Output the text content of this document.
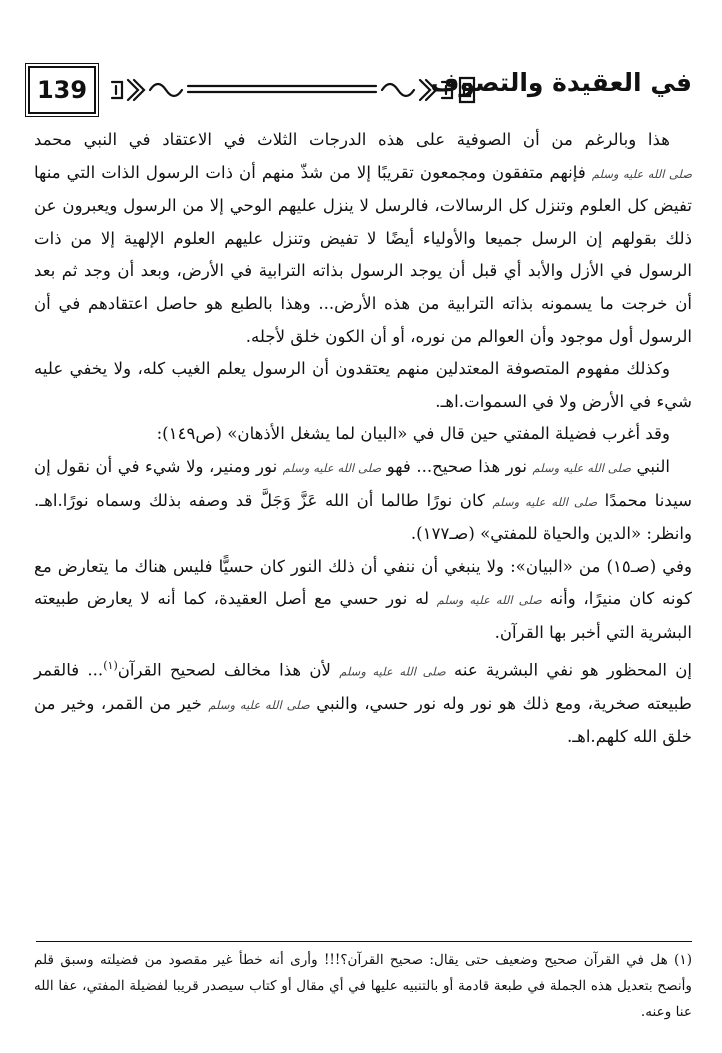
139	في العقيدة والتصوف

هذا وبالرغم من أن الصوفية على هذه الدرجات الثلاث في الاعتقاد في النبي محمد صلى الله عليه وسلم فإنهم متفقون ومجمعون تقريبًا إلا من شذّ منهم أن ذات الرسول الذات التي منها تفيض كل العلوم وتنزل كل الرسالات، فالرسل لا ينزل عليهم الوحي إلا من الرسول ويعبرون عن ذلك بقولهم إن الرسل جميعا والأولياء أيضًا لا تفيض وتنزل عليهم العلوم الإلهية إلا من ذات الرسول في الأزل والأبد أي قبل أن يوجد الرسول بذاته الترابية في الأرض، وبعد أن وجد ثم بعد أن خرجت ما يسمونه بذاته الترابية من هذه الأرض... وهذا بالطبع هو حاصل اعتقادهم في أن الرسول أول موجود وأن العوالم من نوره، أو أن الكون خلق لأجله.

وكذلك مفهوم المتصوفة المعتدلين منهم يعتقدون أن الرسول يعلم الغيب كله، ولا يخفي عليه شيء في الأرض ولا في السموات.اهـ.

وقد أغرب فضيلة المفتي حين قال في «البيان لما يشغل الأذهان» (ص١٤٩):

النبي صلى الله عليه وسلم نور هذا صحيح... فهو صلى الله عليه وسلم نور ومنير، ولا شيء في أن نقول إن سيدنا محمدًا صلى الله عليه وسلم كان نورًا طالما أن الله عَزَّ وَجَلَّ قد وصفه بذلك وسماه نورًا.اهـ. وانظر: «الدين والحياة للمفتي» (صـ١٧٧).

وفي (صـ١٥) من «البيان»: ولا ينبغي أن ننفي أن ذلك النور كان حسيًّا فليس هناك ما يتعارض مع كونه كان منيرًا، وأنه صلى الله عليه وسلم له نور حسي مع أصل العقيدة، كما أنه لا يعارض طبيعته البشرية التي أخبر بها القرآن.

إن المحظور هو نفي البشرية عنه صلى الله عليه وسلم لأن هذا مخالف لصحيح القرآن$^{(١)}$... فالقمر طبيعته صخرية، ومع ذلك هو نور وله نور حسي، والنبي صلى الله عليه وسلم خير من القمر، وخير من خلق الله كلهم.اهـ.

(١) هل في القرآن صحيح وضعيف حتى يقال: صحيح القرآن؟!!! وأرى أنه خطأ غير مقصود من فضيلته وسبق قلم وأنصح بتعديل هذه الجملة في طبعة قادمة أو بالتنبيه عليها في أي مقال أو كتاب سيصدر قريبا لفضيلة المفتي، عفا الله عنا وعنه.
